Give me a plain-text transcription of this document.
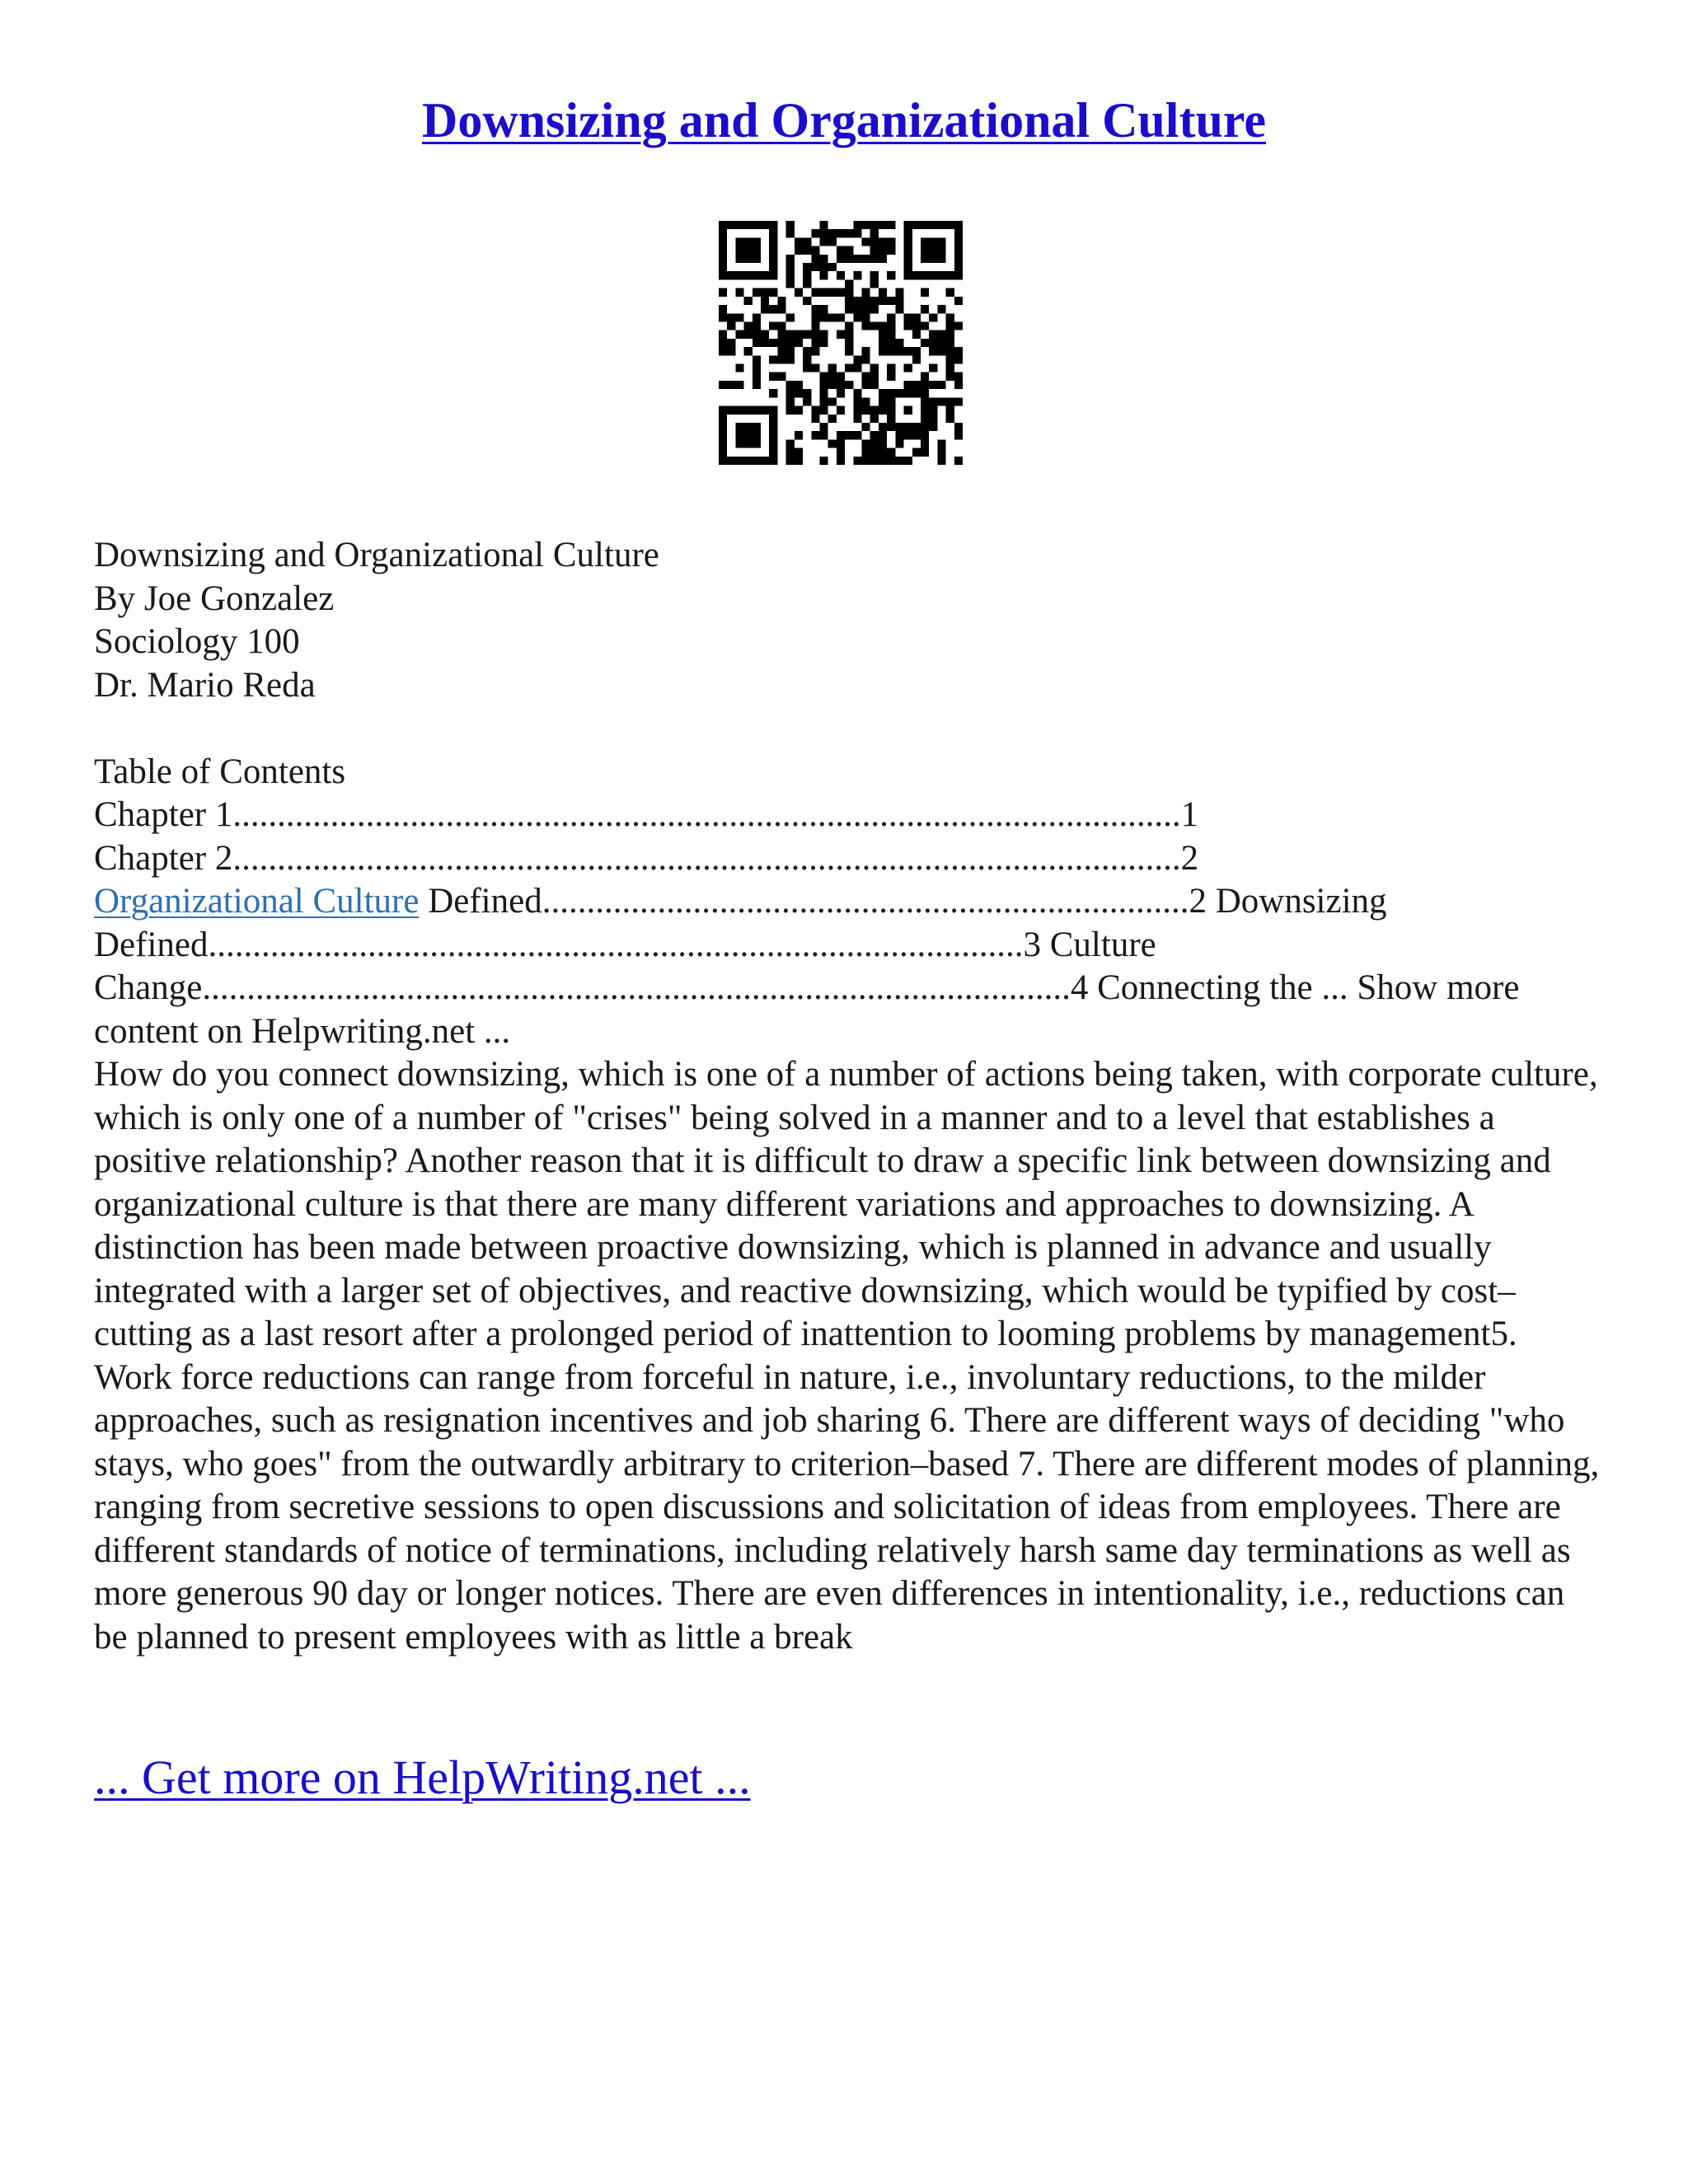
Downsizing and Organizational Culture
Downsizing and Organizational Culture
By Joe Gonzalez
Sociology 100
Dr. Mario Reda
Table of Contents
Chapter 1...........................................................................................................1
Chapter 2...........................................................................................................2
Organizational Culture Defined.........................................................................2 Downsizing
Defined............................................................................................3 Culture
Change..................................................................................................4 Connecting the ... Show more
content on Helpwriting.net ...
How do you connect downsizing, which is one of a number of actions being taken, with corporate culture, which is only one of a number of "crises" being solved in a manner and to a level that establishes a positive relationship? Another reason that it is difficult to draw a specific link between downsizing and organizational culture is that there are many different variations and approaches to downsizing. A distinction has been made between proactive downsizing, which is planned in advance and usually integrated with a larger set of objectives, and reactive downsizing, which would be typified by cost–cutting as a last resort after a prolonged period of inattention to looming problems by management5. Work force reductions can range from forceful in nature, i.e., involuntary reductions, to the milder approaches, such as resignation incentives and job sharing 6. There are different ways of deciding "who stays, who goes" from the outwardly arbitrary to criterion–based 7. There are different modes of planning, ranging from secretive sessions to open discussions and solicitation of ideas from employees. There are different standards of notice of terminations, including relatively harsh same day terminations as well as more generous 90 day or longer notices. There are even differences in intentionality, i.e., reductions can be planned to present employees with as little a break
... Get more on HelpWriting.net ...
